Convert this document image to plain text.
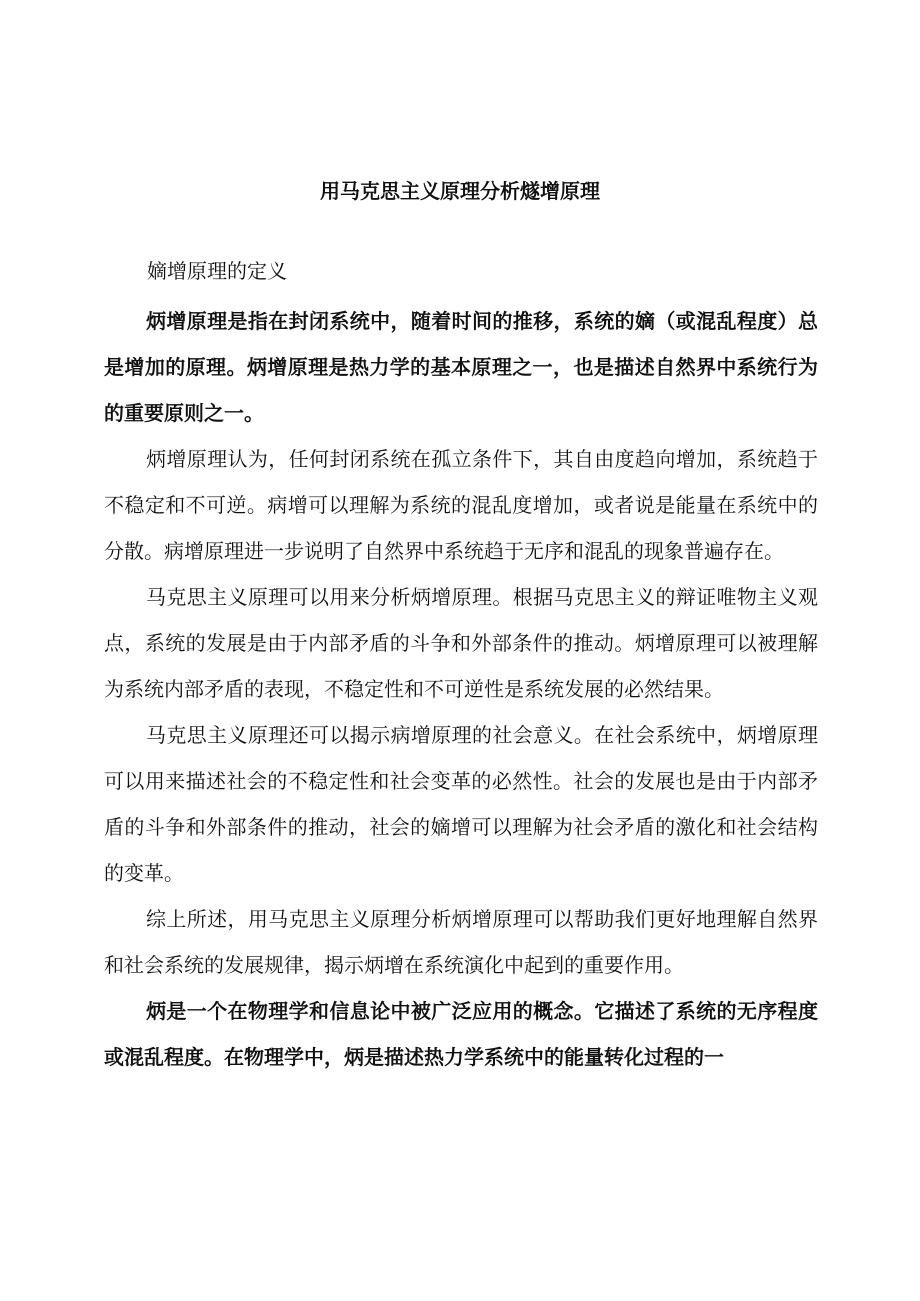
用马克思主义原理分析燧增原理
嫡增原理的定义

炳增原理是指在封闭系统中，随着时间的推移，系统的嫡（或混乱程度）总是增加的原理。炳增原理是热力学的基本原理之一，也是描述自然界中系统行为的重要原则之一。

炳增原理认为，任何封闭系统在孤立条件下，其自由度趋向增加，系统趋于不稳定和不可逆。病增可以理解为系统的混乱度增加，或者说是能量在系统中的分散。病增原理进一步说明了自然界中系统趋于无序和混乱的现象普遍存在。

马克思主义原理可以用来分析炳增原理。根据马克思主义的辩证唯物主义观点，系统的发展是由于内部矛盾的斗争和外部条件的推动。炳增原理可以被理解为系统内部矛盾的表现，不稳定性和不可逆性是系统发展的必然结果。

马克思主义原理还可以揭示病增原理的社会意义。在社会系统中，炳增原理可以用来描述社会的不稳定性和社会变革的必然性。社会的发展也是由于内部矛盾的斗争和外部条件的推动，社会的嫡增可以理解为社会矛盾的激化和社会结构的变革。

综上所述，用马克思主义原理分析炳增原理可以帮助我们更好地理解自然界和社会系统的发展规律，揭示炳增在系统演化中起到的重要作用。

炳是一个在物理学和信息论中被广泛应用的概念。它描述了系统的无序程度或混乱程度。在物理学中，炳是描述热力学系统中的能量转化过程的一
